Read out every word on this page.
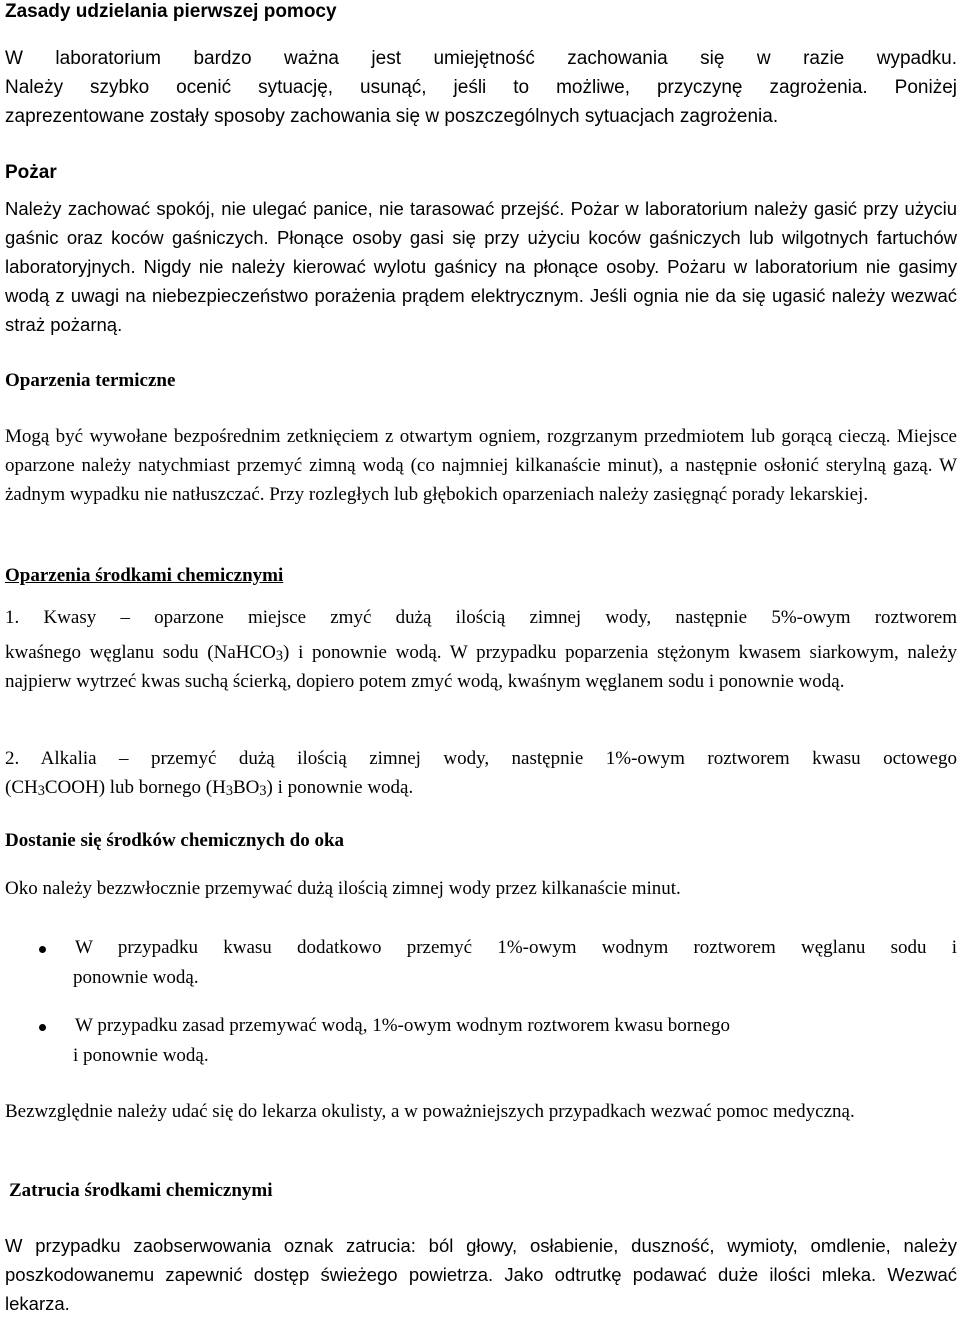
Zasady udzielania pierwszej pomocy
W laboratorium bardzo ważna jest umiejętność zachowania się w razie wypadku.
Należy szybko ocenić sytuację, usunąć, jeśli to możliwe, przyczynę zagrożenia. Poniżej
zaprezentowane zostały sposoby zachowania się w poszczególnych sytuacjach zagrożenia.
Pożar

Należy zachować spokój, nie ulegać panice, nie tarasować przejść. Pożar w laboratorium należy gasić przy użyciu gaśnic oraz koców gaśniczych. Płonące osoby gasi się przy użyciu koców gaśniczych lub wilgotnych fartuchów laboratoryjnych. Nigdy nie należy kierować wylotu gaśnicy na płonące osoby. Pożaru w laboratorium nie gasimy wodą z uwagi na niebezpieczeństwo porażenia prądem elektrycznym. Jeśli ognia nie da się ugasić należy wezwać straż pożarną.

Oparzenia termiczne

Mogą być wywołane bezpośrednim zetknięciem z otwartym ogniem, rozgrzanym przedmiotem lub gorącą cieczą. Miejsce oparzone należy natychmiast przemyć zimną wodą (co najmniej kilkanaście minut), a następnie osłonić sterylną gazą. W żadnym wypadku nie natłuszczać. Przy rozległych lub głębokich oparzeniach należy zasięgnąć porady lekarskiej.

Oparzenia środkami chemicznymi
1. Kwasy – oparzone miejsce zmyć dużą ilością zimnej wody, następnie 5%-owym roztworem
kwaśnego węglanu sodu (NaHCO$_3$) i ponownie wodą. W przypadku poparzenia stężonym kwasem siarkowym, należy najpierw wytrzeć kwas suchą ścierką, dopiero potem zmyć wodą, kwaśnym węglanem sodu i ponownie wodą.
2. Alkalia – przemyć dużą ilością zimnej wody, następnie 1%-owym roztworem kwasu octowego
$(CH_3COOH)$ lub bornego $(H_3BO_3)$ i ponownie wodą.
Dostanie się środków chemicznych do oka

Oko należy bezzwłocznie przemywać dużą ilością zimnej wody przez kilkanaście minut.

W przypadku kwasu dodatkowo przemyć 1%-owym wodnym roztworem węglanu sodu i
ponownie wodą.
W przypadku zasad przemywać wodą, 1%-owym wodnym roztworem kwasu bornego
i ponownie wodą.

Bezwzględnie należy udać się do lekarza okulisty, a w poważniejszych przypadkach wezwać pomoc medyczną.

Zatrucia środkami chemicznymi

W przypadku zaobserwowania oznak zatrucia: ból głowy, osłabienie, duszność, wymioty, omdlenie, należy poszkodowanemu zapewnić dostęp świeżego powietrza. Jako odtrutkę podawać duże ilości mleka. Wezwać lekarza.
